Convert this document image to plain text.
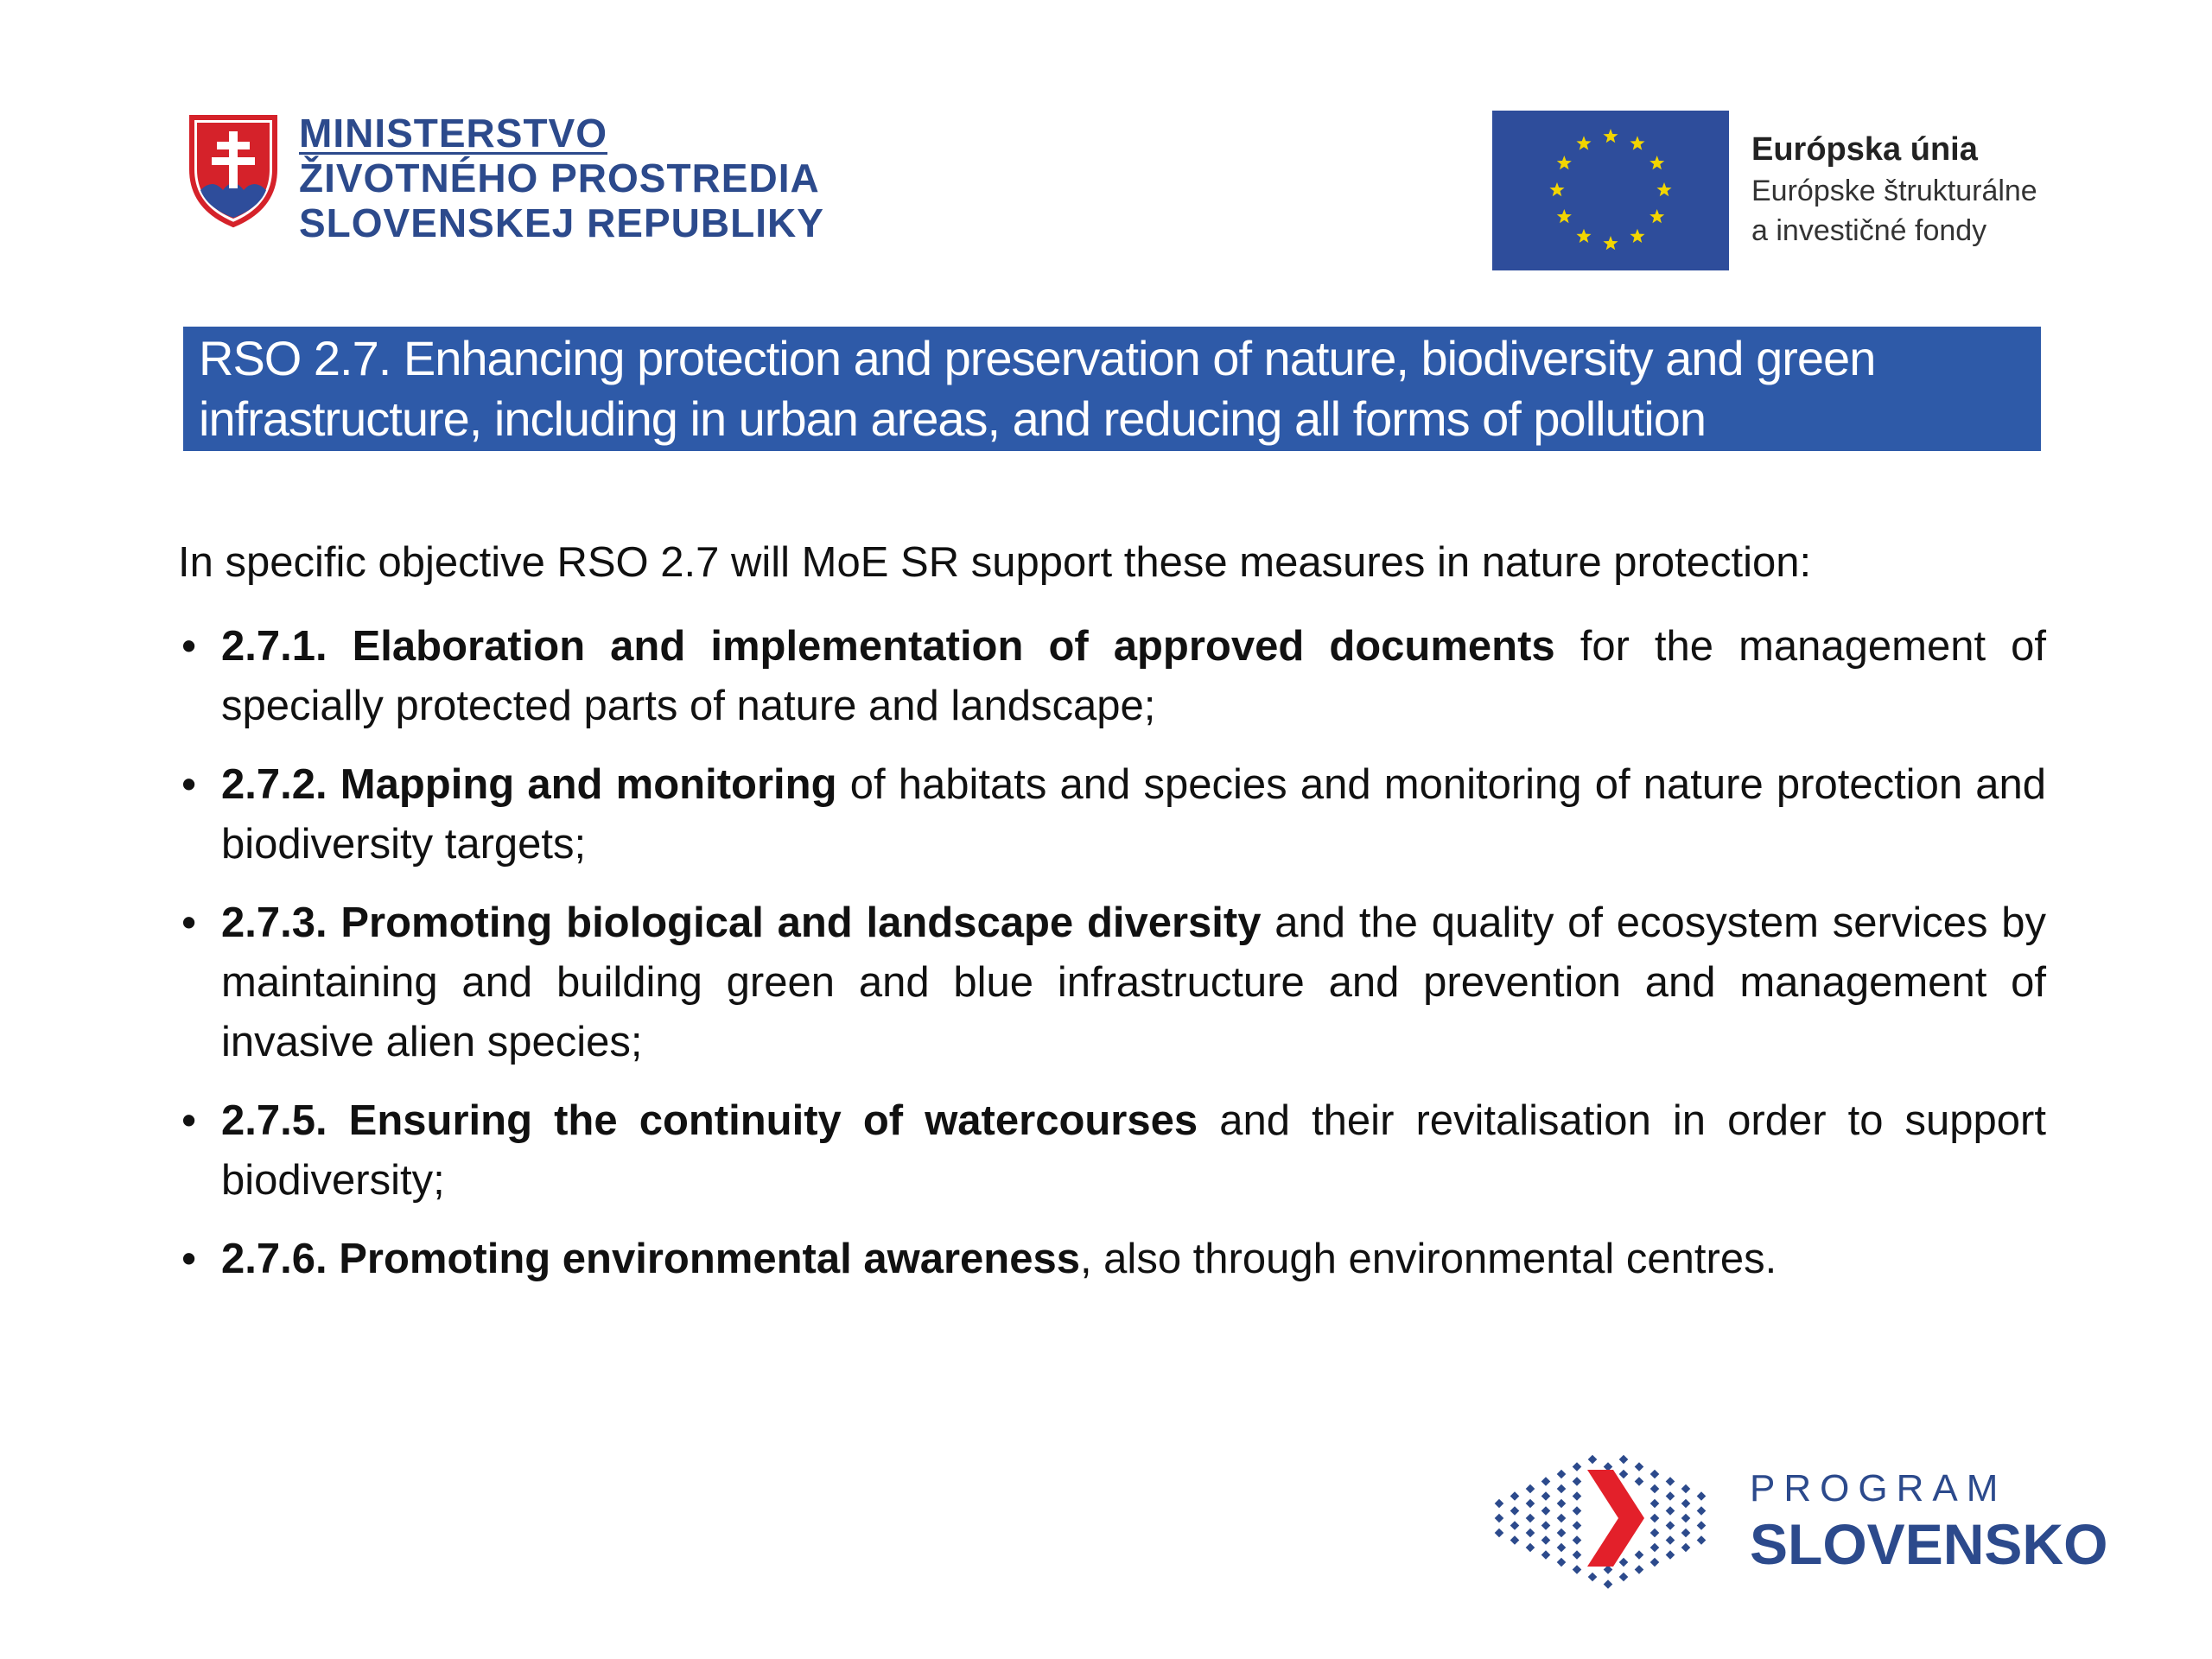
MINISTERSTVO
ŽIVOTNÉHO PROSTREDIA
SLOVENSKEJ REPUBLIKY
Európska únia
Európske štrukturálne
a investičné fondy
RSO 2.7. Enhancing protection and preservation of nature, biodiversity and green
infrastructure, including in urban areas, and reducing all forms of pollution

In specific objective RSO 2.7 will MoE SR support these measures in nature protection:

• 2.7.1. Elaboration and implementation of approved documents for the management of specially protected parts of nature and landscape;
• 2.7.2. Mapping and monitoring of habitats and species and monitoring of nature protection and biodiversity targets;
• 2.7.3. Promoting biological and landscape diversity and the quality of ecosystem services by maintaining and building green and blue infrastructure and prevention and management of invasive alien species;
• 2.7.5. Ensuring the continuity of watercourses and their revitalisation in order to support biodiversity;
• 2.7.6. Promoting environmental awareness, also through environmental centres.
PROGRAM
SLOVENSKO
